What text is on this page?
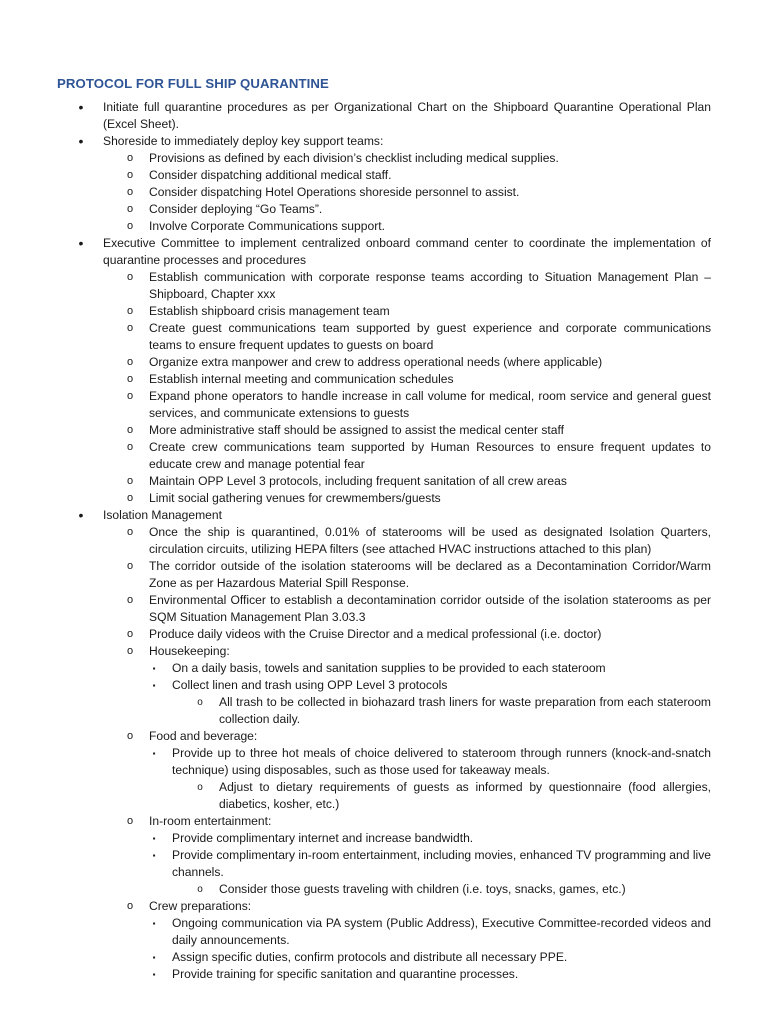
PROTOCOL FOR FULL SHIP QUARANTINE
• Initiate full quarantine procedures as per Organizational Chart on the Shipboard Quarantine Operational Plan (Excel Sheet).
• Shoreside to immediately deploy key support teams:
o Provisions as defined by each division’s checklist including medical supplies.
o Consider dispatching additional medical staff.
o Consider dispatching Hotel Operations shoreside personnel to assist.
o Consider deploying “Go Teams”.
o Involve Corporate Communications support.
• Executive Committee to implement centralized onboard command center to coordinate the implementation of quarantine processes and procedures
o Establish communication with corporate response teams according to Situation Management Plan – Shipboard, Chapter xxx
o Establish shipboard crisis management team
o Create guest communications team supported by guest experience and corporate communications teams to ensure frequent updates to guests on board
o Organize extra manpower and crew to address operational needs (where applicable)
o Establish internal meeting and communication schedules
o Expand phone operators to handle increase in call volume for medical, room service and general guest services, and communicate extensions to guests
o More administrative staff should be assigned to assist the medical center staff
o Create crew communications team supported by Human Resources to ensure frequent updates to educate crew and manage potential fear
o Maintain OPP Level 3 protocols, including frequent sanitation of all crew areas
o Limit social gathering venues for crewmembers/guests
• Isolation Management
o Once the ship is quarantined, 0.01% of staterooms will be used as designated Isolation Quarters, circulation circuits, utilizing HEPA filters (see attached HVAC instructions attached to this plan)
o The corridor outside of the isolation staterooms will be declared as a Decontamination Corridor/Warm Zone as per Hazardous Material Spill Response.
o Environmental Officer to establish a decontamination corridor outside of the isolation staterooms as per SQM Situation Management Plan 3.03.3
o Produce daily videos with the Cruise Director and a medical professional (i.e. doctor)
o Housekeeping:
▪	On a daily basis, towels and sanitation supplies to be provided to each stateroom
▪	Collect linen and trash using OPP Level 3 protocols
o All trash to be collected in biohazard trash liners for waste preparation from each stateroom collection daily.
o Food and beverage:
▪	Provide up to three hot meals of choice delivered to stateroom through runners (knock-and-snatch technique) using disposables, such as those used for takeaway meals.
o Adjust to dietary requirements of guests as informed by questionnaire (food allergies, diabetics, kosher, etc.)
o In-room entertainment:
▪	Provide complimentary internet and increase bandwidth.
▪	Provide complimentary in-room entertainment, including movies, enhanced TV programming and live channels.
o Consider those guests traveling with children (i.e. toys, snacks, games, etc.)
o Crew preparations:
▪	Ongoing communication via PA system (Public Address), Executive Committee-recorded videos and daily announcements.
▪	Assign specific duties, confirm protocols and distribute all necessary PPE.
▪	Provide training for specific sanitation and quarantine processes.
